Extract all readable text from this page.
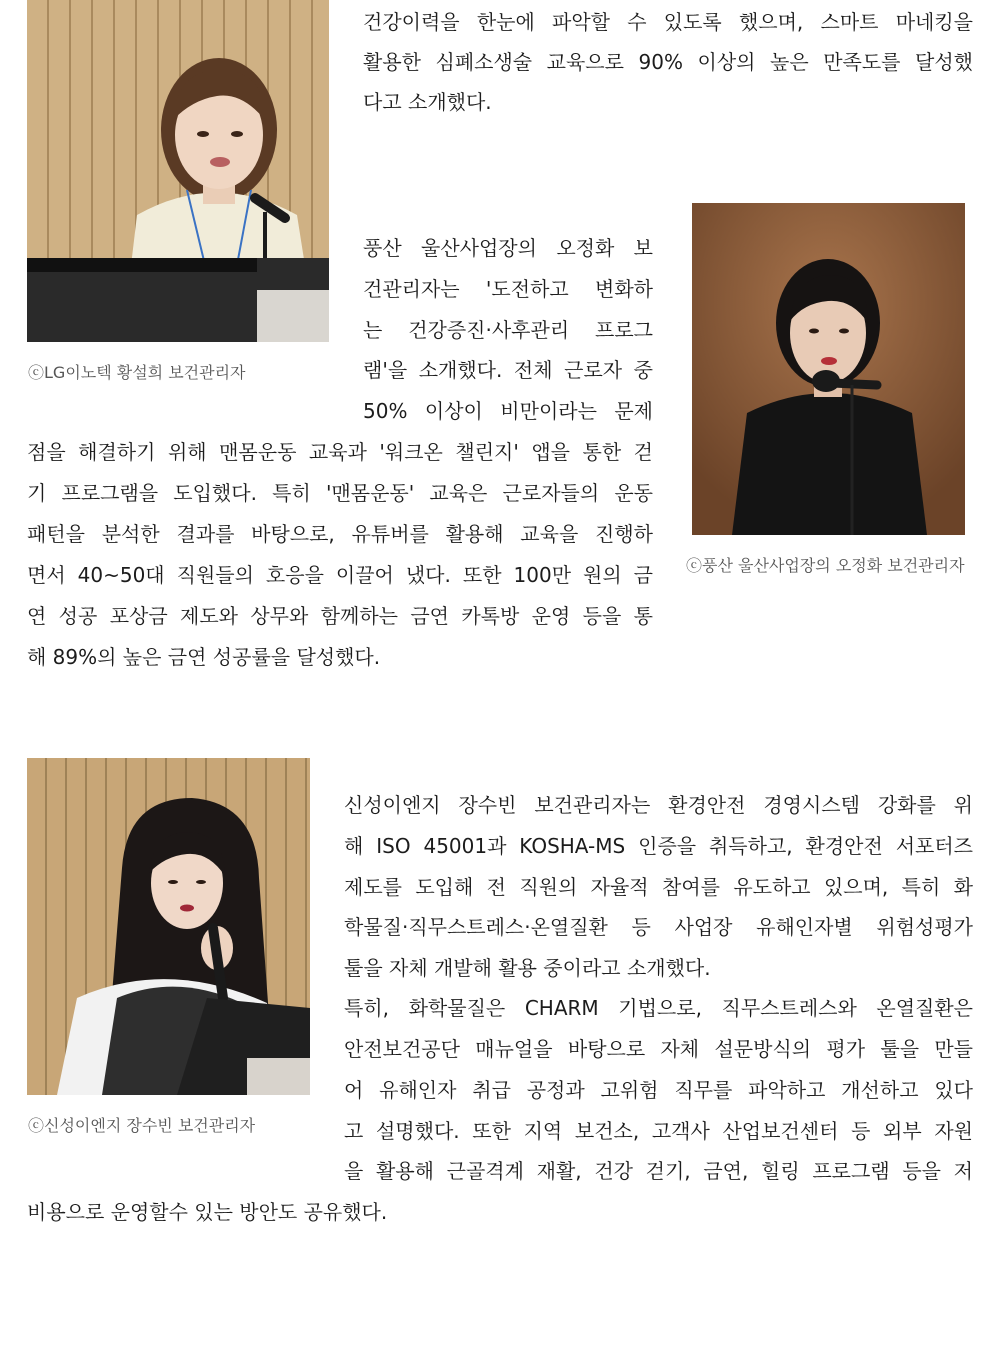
ⓒLG이노텍 황설희 보건관리자
건강이력을 한눈에 파악할 수 있도록 했으며, 스마트 마네킹을
활용한 심폐소생술 교육으로 90% 이상의 높은 만족도를 달성했
다고 소개했다.
ⓒ풍산 울산사업장의 오정화 보건관리자
풍산 울산사업장의 오정화 보
건관리자는 '도전하고 변화하
는 건강증진·사후관리 프로그
램'을 소개했다. 전체 근로자 중
50% 이상이 비만이라는 문제
점을 해결하기 위해 맨몸운동 교육과 '워크온 챌린지' 앱을 통한 걷
기 프로그램을 도입했다. 특히 '맨몸운동' 교육은 근로자들의 운동
패턴을 분석한 결과를 바탕으로, 유튜버를 활용해 교육을 진행하
면서 40~50대 직원들의 호응을 이끌어 냈다. 또한 100만 원의 금
연 성공 포상금 제도와 상무와 함께하는 금연 카톡방 운영 등을 통
해 89%의 높은 금연 성공률을 달성했다.
ⓒ신성이엔지 장수빈 보건관리자
신성이엔지 장수빈 보건관리자는 환경안전 경영시스템 강화를 위
해 ISO 45001과 KOSHA-MS 인증을 취득하고, 환경안전 서포터즈
제도를 도입해 전 직원의 자율적 참여를 유도하고 있으며, 특히 화
학물질·직무스트레스·온열질환 등 사업장 유해인자별 위험성평가
툴을 자체 개발해 활용 중이라고 소개했다.
특히, 화학물질은 CHARM 기법으로, 직무스트레스와 온열질환은
안전보건공단 매뉴얼을 바탕으로 자체 설문방식의 평가 툴을 만들
어 유해인자 취급 공정과 고위험 직무를 파악하고 개선하고 있다
고 설명했다. 또한 지역 보건소, 고객사 산업보건센터 등 외부 자원
을 활용해 근골격계 재활, 건강 걷기, 금연, 힐링 프로그램 등을 저
비용으로 운영할수 있는 방안도 공유했다.
